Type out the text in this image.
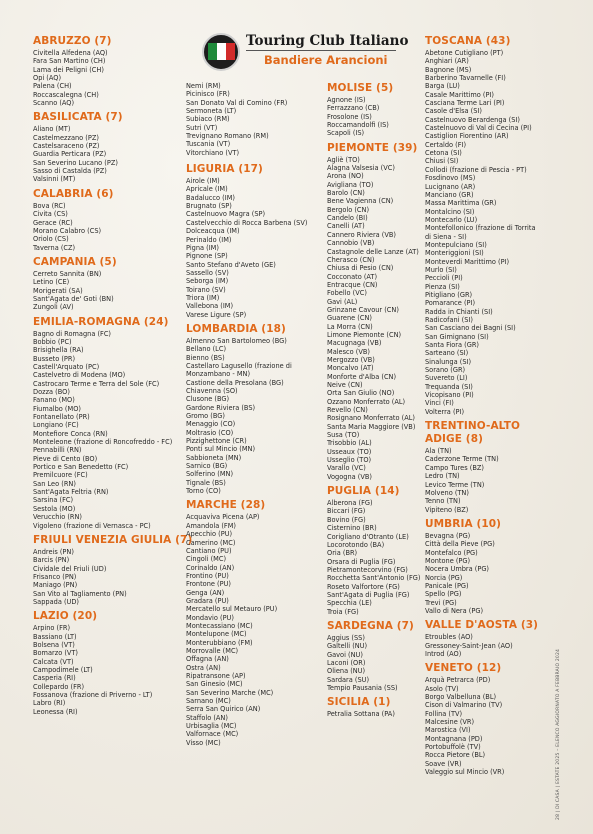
Touring Club Italiano
Bandiere Arancioni
ABRUZZO (7)
Civitella Alfedena (AQ)
Fara San Martino (CH)
Lama dei Peligni (CH)
Opi (AQ)
Palena (CH)
Roccascalegna (CH)
Scanno (AQ)
BASILICATA (7)
Aliano (MT)
Castelmezzano (PZ)
Castelsaraceno (PZ)
Guardia Perticara (PZ)
San Severino Lucano (PZ)
Sasso di Castalda (PZ)
Valsinni (MT)
CALABRIA (6)
Bova (RC)
Civita (CS)
Gerace (RC)
Morano Calabro (CS)
Oriolo (CS)
Taverna (CZ)
CAMPANIA (5)
Cerreto Sannita (BN)
Letino (CE)
Morigerati (SA)
Sant'Agata de' Goti (BN)
Zungoli (AV)
EMILIA-ROMAGNA (24)
Bagno di Romagna (FC)
Bobbio (PC)
Brisighella (RA)
Busseto (PR)
Castell'Arquato (PC)
Castelvetro di Modena (MO)
Castrocaro Terme e Terra del Sole (FC)
Dozza (BO)
Fanano (MO)
Fiumalbo (MO)
Fontanellato (PR)
Longiano (FC)
Montefiore Conca (RN)
Monteleone (frazione di Roncofreddo - FC)
Pennabilli (RN)
Pieve di Cento (BO)
Portico e San Benedetto (FC)
Premilcuore (FC)
San Leo (RN)
Sant'Agata Feltria (RN)
Sarsina (FC)
Sestola (MO)
Verucchio (RN)
Vigoleno (frazione di Vernasca - PC)
FRIULI VENEZIA GIULIA (7)
Andreis (PN)
Barcis (PN)
Cividale del Friuli (UD)
Frisanco (PN)
Maniago (PN)
San Vito al Tagliamento (PN)
Sappada (UD)
LAZIO (20)
Arpino (FR)
Bassiano (LT)
Bolsena (VT)
Bomarzo (VT)
Calcata (VT)
Campodimele (LT)
Casperia (RI)
Collepardo (FR)
Fossanova (frazione di Priverno - LT)
Labro (RI)
Leonessa (RI)
Nemi (RM)
Picinisco (FR)
San Donato Val di Comino (FR)
Sermoneta (LT)
Subiaco (RM)
Sutri (VT)
Trevignano Romano (RM)
Tuscania (VT)
Vitorchiano (VT)
LIGURIA (17)
Airole (IM)
Apricale (IM)
Badalucco (IM)
Brugnato (SP)
Castelnuovo Magra (SP)
Castelvecchio di Rocca Barbena (SV)
Dolceacqua (IM)
Perinaldo (IM)
Pigna (IM)
Pignone (SP)
Santo Stefano d'Aveto (GE)
Sassello (SV)
Seborga (IM)
Toirano (SV)
Triora (IM)
Vallebona (IM)
Varese Ligure (SP)
LOMBARDIA (18)
Almenno San Bartolomeo (BG)
Bellano (LC)
Bienno (BS)
Castellaro Lagusello (frazione di
Monzambano - MN)
Castione della Presolana (BG)
Chiavenna (SO)
Clusone (BG)
Gardone Riviera (BS)
Gromo (BG)
Menaggio (CO)
Moltrasio (CO)
Pizzighettone (CR)
Ponti sul Mincio (MN)
Sabbioneta (MN)
Sarnico (BG)
Solferino (MN)
Tignale (BS)
Torno (CO)
MARCHE (28)
Acquaviva Picena (AP)
Amandola (FM)
Apecchio (PU)
Camerino (MC)
Cantiano (PU)
Cingoli (MC)
Corinaldo (AN)
Frontino (PU)
Frontone (PU)
Genga (AN)
Gradara (PU)
Mercatello sul Metauro (PU)
Mondavio (PU)
Montecassiano (MC)
Montelupone (MC)
Monterubbiano (FM)
Morrovalle (MC)
Offagna (AN)
Ostra (AN)
Ripatransone (AP)
San Ginesio (MC)
San Severino Marche (MC)
Sarnano (MC)
Serra San Quirico (AN)
Staffolo (AN)
Urbisaglia (MC)
Valfornace (MC)
Visso (MC)
MOLISE (5)
Agnone (IS)
Ferrazzano (CB)
Frosolone (IS)
Roccamandolfi (IS)
Scapoli (IS)
PIEMONTE (39)
Agliè (TO)
Alagna Valsesia (VC)
Arona (NO)
Avigliana (TO)
Barolo (CN)
Bene Vagienna (CN)
Bergolo (CN)
Candelo (BI)
Canelli (AT)
Cannero Riviera (VB)
Cannobio (VB)
Castagnole delle Lanze (AT)
Cherasco (CN)
Chiusa di Pesio (CN)
Cocconato (AT)
Entracque (CN)
Fobello (VC)
Gavi (AL)
Grinzane Cavour (CN)
Guarene (CN)
La Morra (CN)
Limone Piemonte (CN)
Macugnaga (VB)
Malesco (VB)
Mergozzo (VB)
Moncalvo (AT)
Monforte d'Alba (CN)
Neive (CN)
Orta San Giulio (NO)
Ozzano Monferrato (AL)
Revello (CN)
Rosignano Monferrato (AL)
Santa Maria Maggiore (VB)
Susa (TO)
Trisobbio (AL)
Usseaux (TO)
Usseglio (TO)
Varallo (VC)
Vogogna (VB)
PUGLIA (14)
Alberona (FG)
Biccari (FG)
Bovino (FG)
Cisternino (BR)
Corigliano d'Otranto (LE)
Locorotondo (BA)
Oria (BR)
Orsara di Puglia (FG)
Pietramontecorvino (FG)
Rocchetta Sant'Antonio (FG)
Roseto Valfortore (FG)
Sant'Agata di Puglia (FG)
Specchia (LE)
Troia (FG)
SARDEGNA (7)
Aggius (SS)
Galtelli (NU)
Gavoi (NU)
Laconi (OR)
Oliena (NU)
Sardara (SU)
Tempio Pausania (SS)
SICILIA (1)
Petralia Sottana (PA)
TOSCANA (43)
Abetone Cutigliano (PT)
Anghiari (AR)
Bagnone (MS)
Barberino Tavarnelle (FI)
Barga (LU)
Casale Marittimo (PI)
Casciana Terme Lari (PI)
Casole d'Elsa (SI)
Castelnuovo Berardenga (SI)
Castelnuovo di Val di Cecina (PI)
Castiglion Fiorentino (AR)
Certaldo (FI)
Cetona (SI)
Chiusi (SI)
Collodi (frazione di Pescia - PT)
Fosdinovo (MS)
Lucignano (AR)
Manciano (GR)
Massa Marittima (GR)
Montalcino (SI)
Montecarlo (LU)
Montefollonico (frazione di Torrita
di Siena - SI)
Montepulciano (SI)
Monteriggioni (SI)
Monteverdi Marittimo (PI)
Murlo (SI)
Peccioli (PI)
Pienza (SI)
Pitigliano (GR)
Pomarance (PI)
Radda in Chianti (SI)
Radicofani (SI)
San Casciano dei Bagni (SI)
San Gimignano (SI)
Santa Fiora (GR)
Sarteano (SI)
Sinalunga (SI)
Sorano (GR)
Suvereto (LI)
Trequanda (SI)
Vicopisano (PI)
Vinci (FI)
Volterra (PI)
TRENTINO-ALTO ADIGE (8)
Ala (TN)
Caderzone Terme (TN)
Campo Tures (BZ)
Ledro (TN)
Levico Terme (TN)
Molveno (TN)
Tenno (TN)
Vipiteno (BZ)
UMBRIA (10)
Bevagna (PG)
Città della Pieve (PG)
Montefalco (PG)
Montone (PG)
Nocera Umbra (PG)
Norcia (PG)
Panicale (PG)
Spello (PG)
Trevi (PG)
Vallo di Nera (PG)
VALLE D'AOSTA (3)
Etroubles (AO)
Gressoney-Saint-Jean (AO)
Introd (AO)
VENETO (12)
Arquà Petrarca (PD)
Asolo (TV)
Borgo Valbelluna (BL)
Cison di Valmarino (TV)
Follina (TV)
Malcesine (VR)
Marostica (VI)
Montagnana (PD)
Portobuffolè (TV)
Rocca Pietore (BL)
Soave (VR)
Valeggio sul Mincio (VR)	28 | DI CASA | ESTATE 2025 – ELENCO AGGIORNATO A FEBBRAIO 2024
